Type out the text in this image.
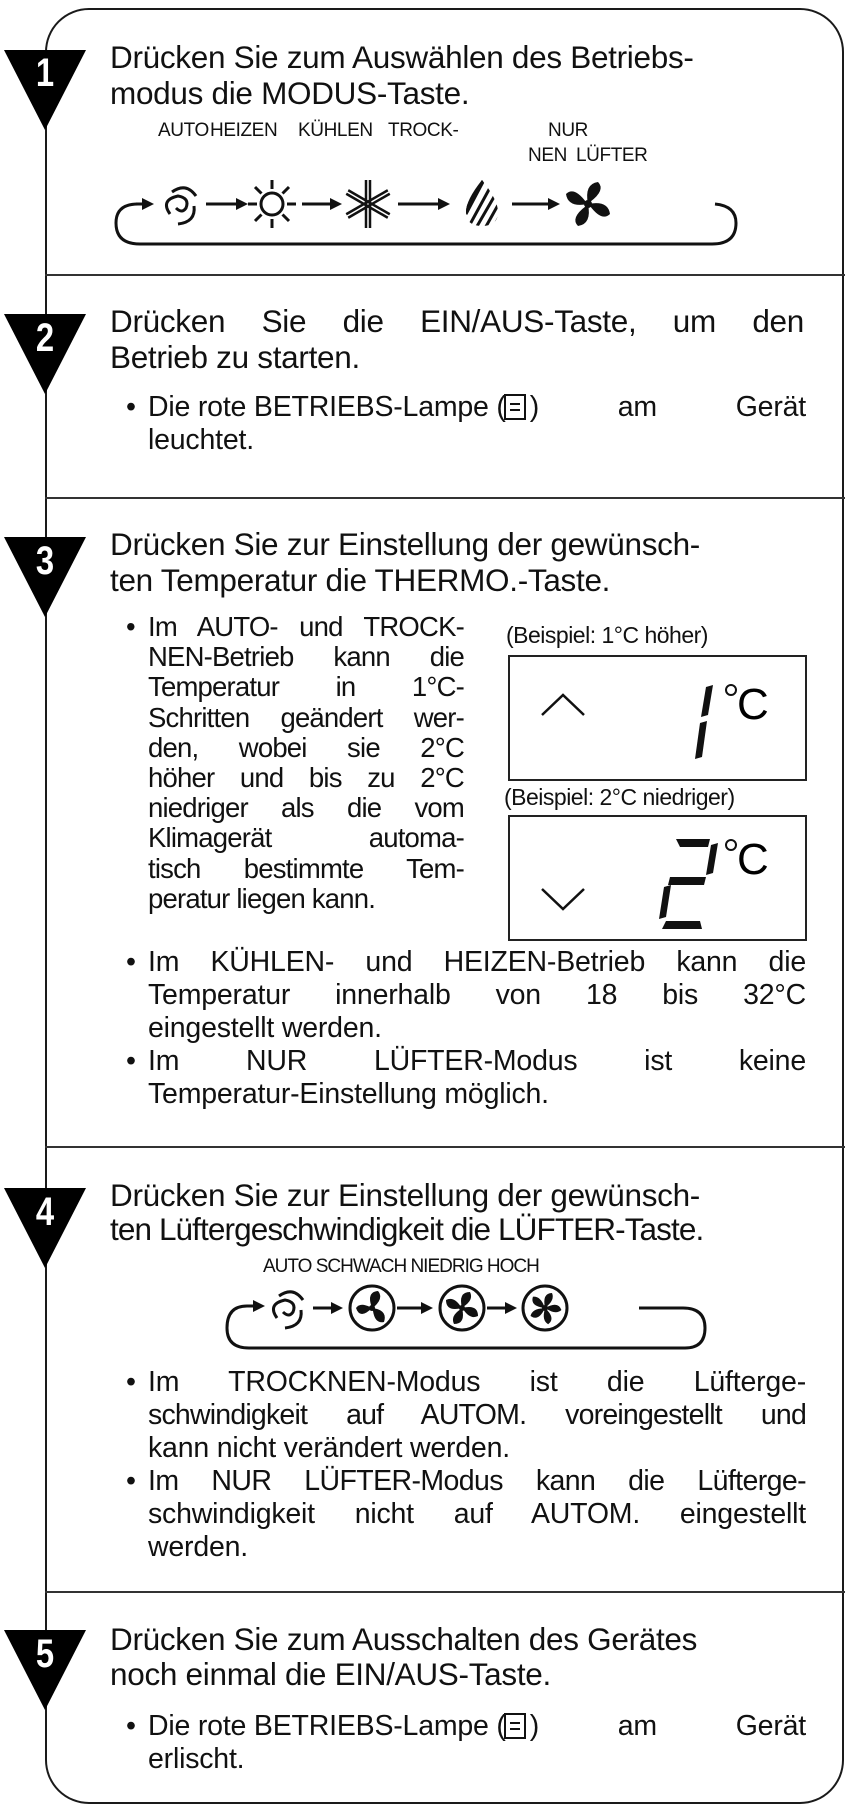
1	Drücken Sie zum Auswählen des Betriebs-
modus die MODUS-Taste.
AUTO HEIZEN KÜHLEN TROCK-	NUR
NEN LÜFTER
2	Drücken Sie die EIN/AUS-Taste, um den
Betrieb zu starten.
• Die rote BETRIEBS-Lampe ( ) am Gerät
leuchtet.
3	Drücken Sie zur Einstellung der gewünsch-
ten Temperatur die THERMO.-Taste.
• Im AUTO- und TROCK-
NEN-Betrieb kann die
Temperatur in 1°C-
Schritten geändert wer-
den, wobei sie 2°C
höher und bis zu 2°C
niedriger als die vom
Klimagerät automa-
tisch bestimmte Tem-
peratur liegen kann.
(Beispiel: 1°C höher)
C
(Beispiel: 2°C niedriger)
C
• Im KÜHLEN- und HEIZEN-Betrieb kann die
Temperatur innerhalb von 18 bis 32°C
eingestellt werden.
• Im NUR LÜFTER-Modus ist keine
Temperatur-Einstellung möglich.
4	Drücken Sie zur Einstellung der gewünsch-
ten Lüftergeschwindigkeit die LÜFTER-Taste.
AUTO SCHWACH NIEDRIG HOCH
• Im TROCKNEN-Modus ist die Lüfterge-
schwindigkeit auf AUTOM. voreingestellt und
kann nicht verändert werden.
• Im NUR LÜFTER-Modus kann die Lüfterge-
schwindigkeit nicht auf AUTOM. eingestellt
werden.
5	Drücken Sie zum Ausschalten des Gerätes
noch einmal die EIN/AUS-Taste.
• Die rote BETRIEBS-Lampe ( ) am Gerät
erlischt.
